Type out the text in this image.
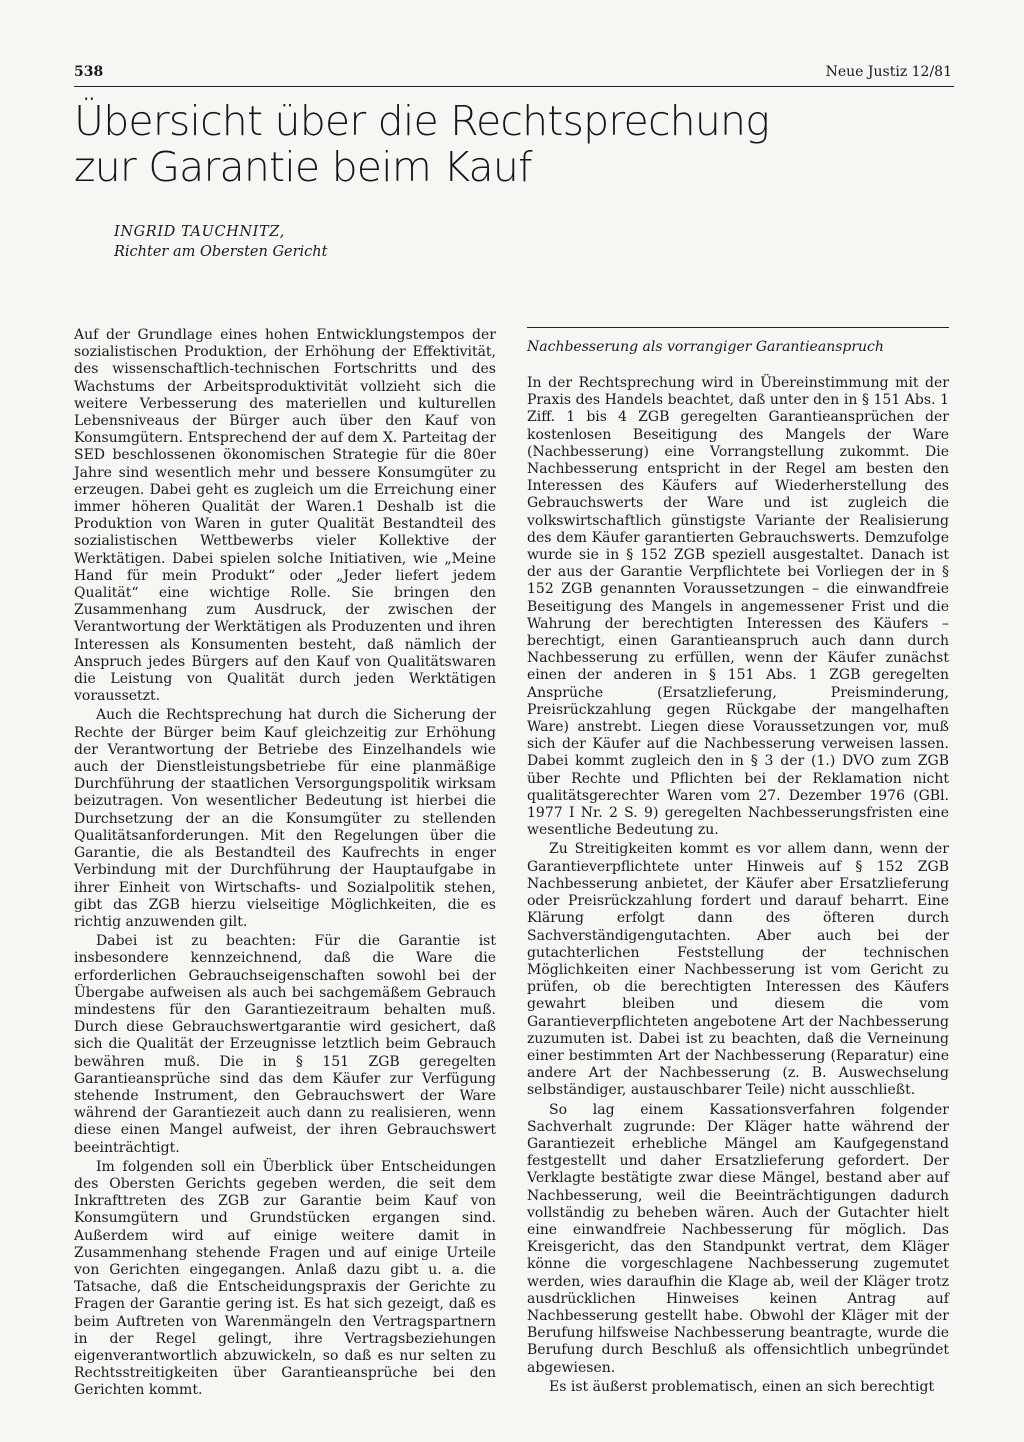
538	Neue Justiz 12/81
Übersicht über die Rechtsprechung
zur Garantie beim Kauf
INGRID TAUCHNITZ,
Richter am Obersten Gericht

Auf der Grundlage eines hohen Entwicklungstempos der sozialistischen Produktion, der Erhöhung der Effektivität, des wissenschaftlich-technischen Fortschritts und des Wachstums der Arbeitsproduktivität vollzieht sich die weitere Verbesserung des materiellen und kulturellen Lebensniveaus der Bürger auch über den Kauf von Konsumgütern. Entsprechend der auf dem X. Parteitag der SED beschlossenen ökonomischen Strategie für die 80er Jahre sind wesentlich mehr und bessere Konsumgüter zu erzeugen. Dabei geht es zugleich um die Erreichung einer immer höheren Qualität der Waren.1 Deshalb ist die Produktion von Waren in guter Qualität Bestandteil des sozialistischen Wettbewerbs vieler Kollektive der Werktätigen. Dabei spielen solche Initiativen, wie „Meine Hand für mein Produkt“ oder „Jeder liefert jedem Qualität“ eine wichtige Rolle. Sie bringen den Zusammenhang zum Ausdruck, der zwischen der Verantwortung der Werktätigen als Produzenten und ihren Interessen als Konsumenten besteht, daß nämlich der Anspruch jedes Bürgers auf den Kauf von Qualitätswaren die Leistung von Qualität durch jeden Werktätigen voraussetzt.

Auch die Rechtsprechung hat durch die Sicherung der Rechte der Bürger beim Kauf gleichzeitig zur Erhöhung der Verantwortung der Betriebe des Einzelhandels wie auch der Dienstleistungsbetriebe für eine planmäßige Durchführung der staatlichen Versorgungspolitik wirksam beizutragen. Von wesentlicher Bedeutung ist hierbei die Durchsetzung der an die Konsumgüter zu stellenden Qualitätsanforderungen. Mit den Regelungen über die Garantie, die als Bestandteil des Kaufrechts in enger Verbindung mit der Durchführung der Hauptaufgabe in ihrer Einheit von Wirtschafts- und Sozialpolitik stehen, gibt das ZGB hierzu vielseitige Möglichkeiten, die es richtig anzuwenden gilt.

Dabei ist zu beachten: Für die Garantie ist insbesondere kennzeichnend, daß die Ware die erforderlichen Gebrauchseigenschaften sowohl bei der Übergabe aufweisen als auch bei sachgemäßem Gebrauch mindestens für den Garantiezeitraum behalten muß. Durch diese Gebrauchswertgarantie wird gesichert, daß sich die Qualität der Erzeugnisse letztlich beim Gebrauch bewähren muß. Die in § 151 ZGB geregelten Garantieansprüche sind das dem Käufer zur Verfügung stehende Instrument, den Gebrauchswert der Ware während der Garantiezeit auch dann zu realisieren, wenn diese einen Mangel aufweist, der ihren Gebrauchswert beeinträchtigt.

Im folgenden soll ein Überblick über Entscheidungen des Obersten Gerichts gegeben werden, die seit dem Inkrafttreten des ZGB zur Garantie beim Kauf von Konsumgütern und Grundstücken ergangen sind. Außerdem wird auf einige weitere damit in Zusammenhang stehende Fragen und auf einige Urteile von Gerichten eingegangen. Anlaß dazu gibt u. a. die Tatsache, daß die Entscheidungspraxis der Gerichte zu Fragen der Garantie gering ist. Es hat sich gezeigt, daß es beim Auftreten von Warenmängeln den Vertragspartnern in der Regel gelingt, ihre Vertragsbeziehungen eigenverantwortlich abzuwickeln, so daß es nur selten zu Rechtsstreitigkeiten über Garantieansprüche bei den Gerichten kommt.

Nachbesserung als vorrangiger Garantieanspruch

In der Rechtsprechung wird in Übereinstimmung mit der Praxis des Handels beachtet, daß unter den in § 151 Abs. 1 Ziff. 1 bis 4 ZGB geregelten Garantieansprüchen der kostenlosen Beseitigung des Mangels der Ware (Nachbesserung) eine Vorrangstellung zukommt. Die Nachbesserung entspricht in der Regel am besten den Interessen des Käufers auf Wiederherstellung des Gebrauchswerts der Ware und ist zugleich die volkswirtschaftlich günstigste Variante der Realisierung des dem Käufer garantierten Gebrauchswerts. Demzufolge wurde sie in § 152 ZGB speziell ausgestaltet. Danach ist der aus der Garantie Verpflichtete bei Vorliegen der in § 152 ZGB genannten Voraussetzungen – die einwandfreie Beseitigung des Mangels in angemessener Frist und die Wahrung der berechtigten Interessen des Käufers – berechtigt, einen Garantieanspruch auch dann durch Nachbesserung zu erfüllen, wenn der Käufer zunächst einen der anderen in § 151 Abs. 1 ZGB geregelten Ansprüche (Ersatzlieferung, Preisminderung, Preisrückzahlung gegen Rückgabe der mangelhaften Ware) anstrebt. Liegen diese Voraussetzungen vor, muß sich der Käufer auf die Nachbesserung verweisen lassen. Dabei kommt zugleich den in § 3 der (1.) DVO zum ZGB über Rechte und Pflichten bei der Reklamation nicht qualitätsgerechter Waren vom 27. Dezember 1976 (GBl. 1977 I Nr. 2 S. 9) geregelten Nachbesserungsfristen eine wesentliche Bedeutung zu.

Zu Streitigkeiten kommt es vor allem dann, wenn der Garantieverpflichtete unter Hinweis auf § 152 ZGB Nachbesserung anbietet, der Käufer aber Ersatzlieferung oder Preisrückzahlung fordert und darauf beharrt. Eine Klärung erfolgt dann des öfteren durch Sachverständigengutachten. Aber auch bei der gutachterlichen Feststellung der technischen Möglichkeiten einer Nachbesserung ist vom Gericht zu prüfen, ob die berechtigten Interessen des Käufers gewahrt bleiben und diesem die vom Garantieverpflichteten angebotene Art der Nachbesserung zuzumuten ist. Dabei ist zu beachten, daß die Verneinung einer bestimmten Art der Nachbesserung (Reparatur) eine andere Art der Nachbesserung (z. B. Auswechselung selbständiger, austauschbarer Teile) nicht ausschließt.

So lag einem Kassationsverfahren folgender Sachverhalt zugrunde: Der Kläger hatte während der Garantiezeit erhebliche Mängel am Kaufgegenstand festgestellt und daher Ersatzlieferung gefordert. Der Verklagte bestätigte zwar diese Mängel, bestand aber auf Nachbesserung, weil die Beeinträchtigungen dadurch vollständig zu beheben wären. Auch der Gutachter hielt eine einwandfreie Nachbesserung für möglich. Das Kreisgericht, das den Standpunkt vertrat, dem Kläger könne die vorgeschlagene Nachbesserung zugemutet werden, wies daraufhin die Klage ab, weil der Kläger trotz ausdrücklichen Hinweises keinen Antrag auf Nachbesserung gestellt habe. Obwohl der Kläger mit der Berufung hilfsweise Nachbesserung beantragte, wurde die Berufung durch Beschluß als offensichtlich unbegründet abgewiesen.

Es ist äußerst problematisch, einen an sich berechtigt
